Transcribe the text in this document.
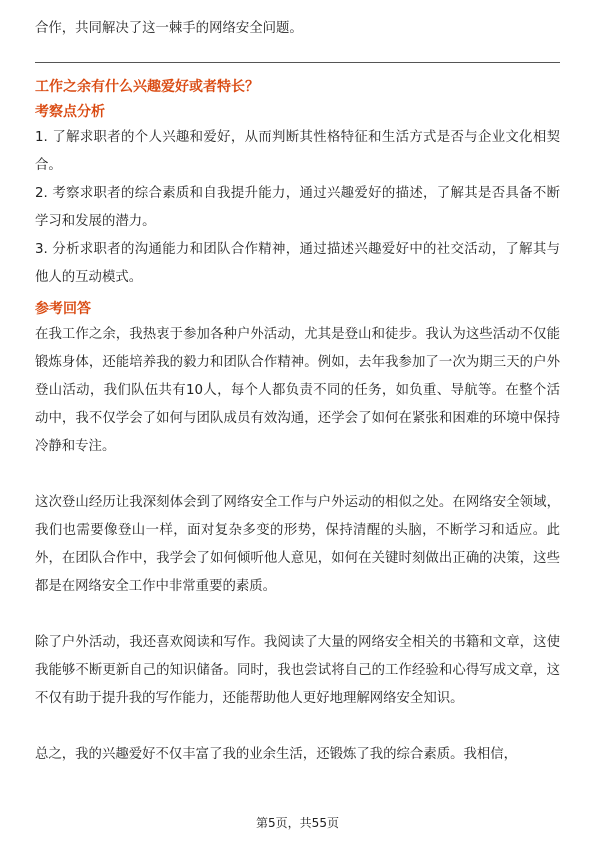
合作，共同解决了这一棘手的网络安全问题。

工作之余有什么兴趣爱好或者特长？
考察点分析

1. 了解求职者的个人兴趣和爱好，从而判断其性格特征和生活方式是否与企业文化相契合。

2. 考察求职者的综合素质和自我提升能力，通过兴趣爱好的描述，了解其是否具备不断学习和发展的潜力。

3. 分析求职者的沟通能力和团队合作精神，通过描述兴趣爱好中的社交活动，了解其与他人的互动模式。

参考回答

在我工作之余，我热衷于参加各种户外活动，尤其是登山和徒步。我认为这些活动不仅能锻炼身体，还能培养我的毅力和团队合作精神。例如，去年我参加了一次为期三天的户外登山活动，我们队伍共有10人，每个人都负责不同的任务，如负重、导航等。在整个活动中，我不仅学会了如何与团队成员有效沟通，还学会了如何在紧张和困难的环境中保持冷静和专注。

这次登山经历让我深刻体会到了网络安全工作与户外运动的相似之处。在网络安全领域，我们也需要像登山一样，面对复杂多变的形势，保持清醒的头脑，不断学习和适应。此外，在团队合作中，我学会了如何倾听他人意见，如何在关键时刻做出正确的决策，这些都是在网络安全工作中非常重要的素质。

除了户外活动，我还喜欢阅读和写作。我阅读了大量的网络安全相关的书籍和文章，这使我能够不断更新自己的知识储备。同时，我也尝试将自己的工作经验和心得写成文章，这不仅有助于提升我的写作能力，还能帮助他人更好地理解网络安全知识。

总之，我的兴趣爱好不仅丰富了我的业余生活，还锻炼了我的综合素质。我相信，

第5页，共55页
